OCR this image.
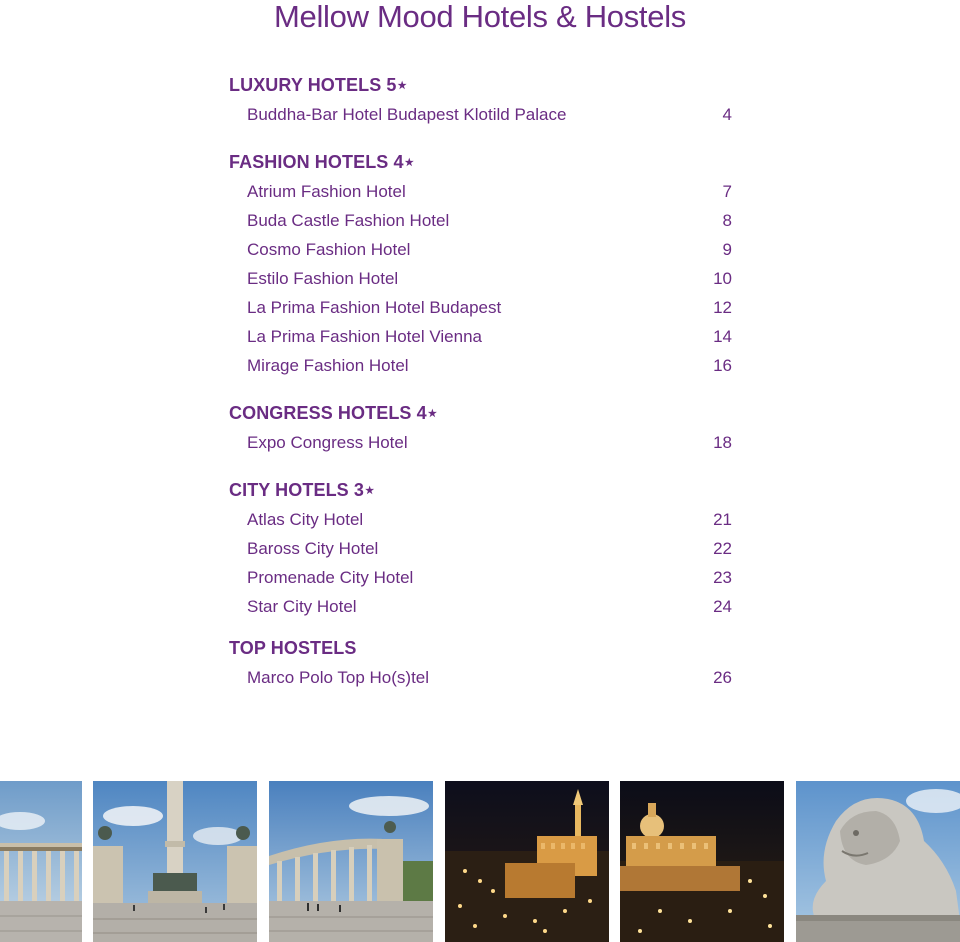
Mellow Mood Hotels & Hostels
LUXURY HOTELS 5⋆
Buddha-Bar Hotel Budapest Klotild Palace	4
FASHION HOTELS 4⋆
Atrium Fashion Hotel	7
Buda Castle Fashion Hotel	8
Cosmo Fashion Hotel	9
Estilo Fashion Hotel	10
La Prima Fashion Hotel Budapest	12
La Prima Fashion Hotel Vienna	14
Mirage Fashion Hotel	16
CONGRESS HOTELS 4⋆
Expo Congress Hotel	18
CITY HOTELS 3⋆
Atlas City Hotel	21
Baross City Hotel	22
Promenade City Hotel	23
Star City Hotel	24
TOP HOSTELS
Marco Polo Top Ho(s)tel	26
